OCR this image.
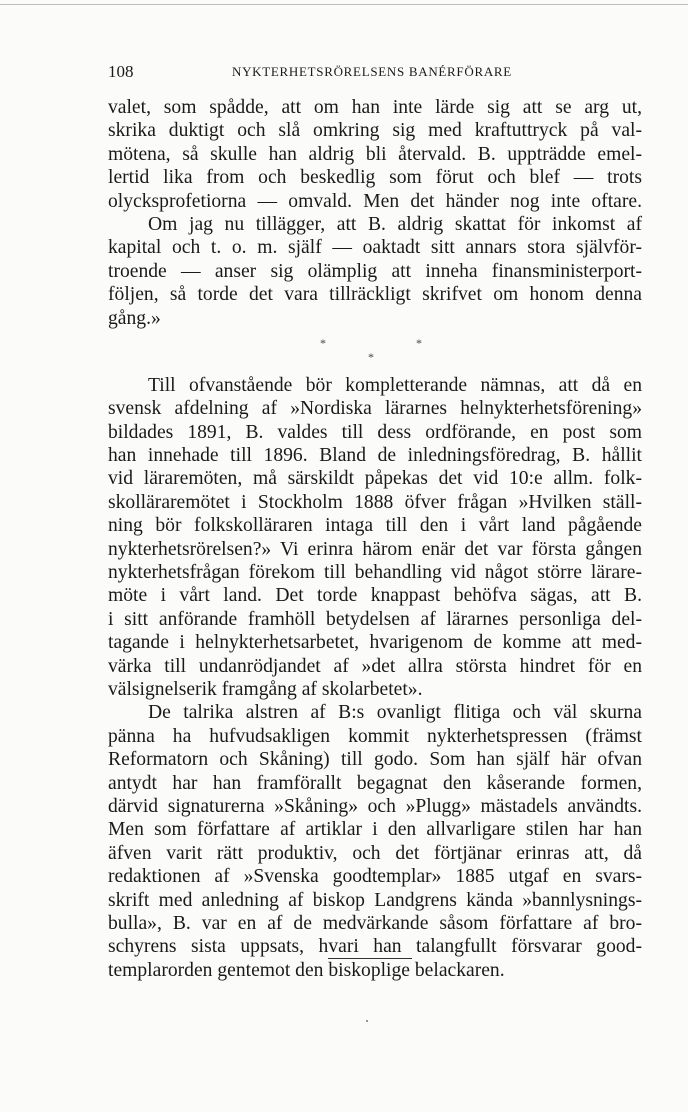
108	NYKTERHETSRÖRELSENS BANÉRFÖRARE
valet, som spådde, att om han inte lärde sig att se arg ut,
skrika duktigt och slå omkring sig med kraftuttryck på val-
mötena, så skulle han aldrig bli återvald. B. uppträdde emel-
lertid lika from och beskedlig som förut och blef — trots
olycksprofetiorna — omvald. Men det händer nog inte oftare.
Om jag nu tillägger, att B. aldrig skattat för inkomst af
kapital och t. o. m. själf — oaktadt sitt annars stora självför-
troende — anser sig olämplig att inneha finansministerport-
följen, så torde det vara tillräckligt skrifvet om honom denna
gång.»
*	*
*
Till ofvanstående bör kompletterande nämnas, att då en
svensk afdelning af »Nordiska lärarnes helnykterhetsförening»
bildades 1891, B. valdes till dess ordförande, en post som
han innehade till 1896. Bland de inledningsföredrag, B. hållit
vid läraremöten, må särskildt påpekas det vid 10:e allm. folk-
skolläraremötet i Stockholm 1888 öfver frågan »Hvilken ställ-
ning bör folkskolläraren intaga till den i vårt land pågående
nykterhetsrörelsen?» Vi erinra härom enär det var första gången
nykterhetsfrågan förekom till behandling vid något större lärare-
möte i vårt land. Det torde knappast behöfva sägas, att B.
i sitt anförande framhöll betydelsen af lärarnes personliga del-
tagande i helnykterhetsarbetet, hvarigenom de komme att med-
värka till undanrödjandet af »det allra största hindret för en
välsignelserik framgång af skolarbetet».
De talrika alstren af B:s ovanligt flitiga och väl skurna
pänna ha hufvudsakligen kommit nykterhetspressen (främst
Reformatorn och Skåning) till godo. Som han själf här ofvan
antydt har han framförallt begagnat den kåserande formen,
därvid signaturerna »Skåning» och »Plugg» mästadels användts.
Men som författare af artiklar i den allvarligare stilen har han
äfven varit rätt produktiv, och det förtjänar erinras att, då
redaktionen af »Svenska goodtemplar» 1885 utgaf en svars-
skrift med anledning af biskop Landgrens kända »bannlysnings-
bulla», B. var en af de medvärkande såsom författare af bro-
schyrens sista uppsats, hvari han talangfullt försvarar good-
templarorden gentemot den biskoplige belackaren.
